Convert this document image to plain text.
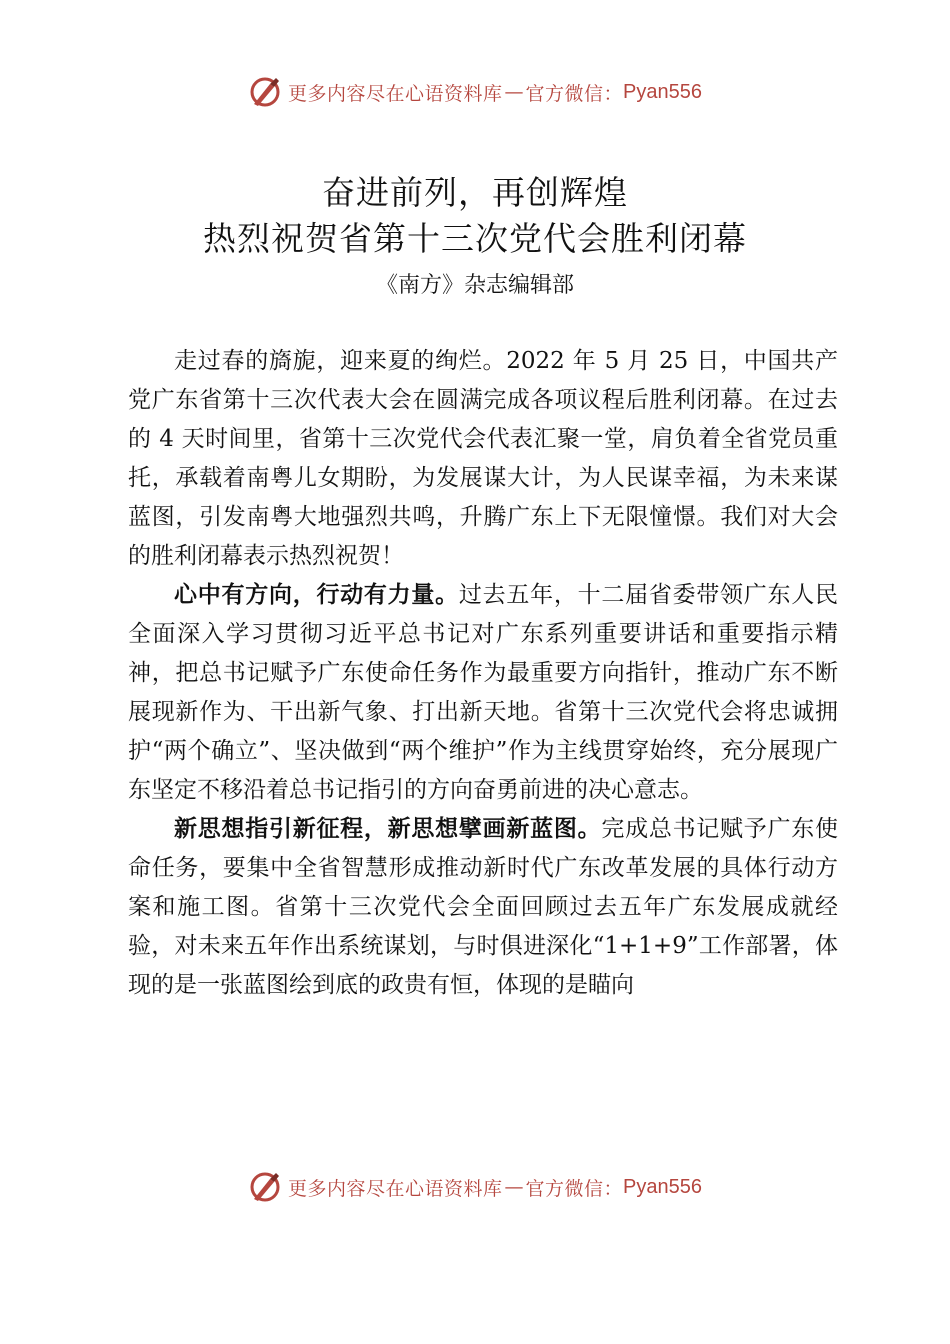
更多内容尽在心语资料库 — 官方微信： Pyan556
奋进前列，再创辉煌
热烈祝贺省第十三次党代会胜利闭幕
《南方》杂志编辑部

走过春的旖旎，迎来夏的绚烂。2022 年 5 月 25 日，中国共产党广东省第十三次代表大会在圆满完成各项议程后胜利闭幕。在过去的 4 天时间里，省第十三次党代会代表汇聚一堂，肩负着全省党员重托，承载着南粤儿女期盼，为发展谋大计，为人民谋幸福，为未来谋蓝图，引发南粤大地强烈共鸣，升腾广东上下无限憧憬。我们对大会的胜利闭幕表示热烈祝贺！

心中有方向，行动有力量。过去五年，十二届省委带领广东人民全面深入学习贯彻习近平总书记对广东系列重要讲话和重要指示精神，把总书记赋予广东使命任务作为最重要方向指针，推动广东不断展现新作为、干出新气象、打出新天地。省第十三次党代会将忠诚拥护“两个确立”、坚决做到“两个维护”作为主线贯穿始终，充分展现广东坚定不移沿着总书记指引的方向奋勇前进的决心意志。

新思想指引新征程，新思想擘画新蓝图。完成总书记赋予广东使命任务，要集中全省智慧形成推动新时代广东改革发展的具体行动方案和施工图。省第十三次党代会全面回顾过去五年广东发展成就经验，对未来五年作出系统谋划，与时俱进深化“1+1+9”工作部署，体现的是一张蓝图绘到底的政贵有恒，体现的是瞄向

更多内容尽在心语资料库 — 官方微信： Pyan556
